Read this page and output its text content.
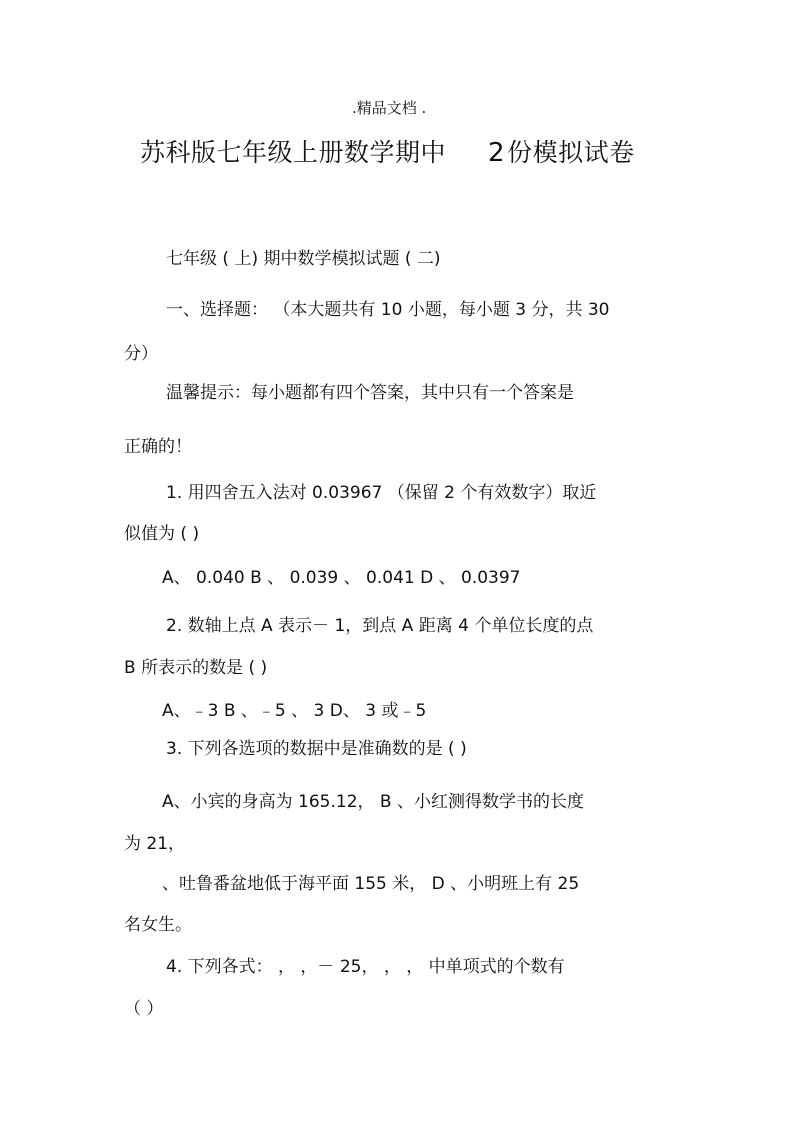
.精品文档 .
苏科版七年级上册数学期中 2份模拟试卷
七年级 ( 上) 期中数学模拟试题 ( 二)
一、选择题： （本大题共有 10 小题，每小题 3 分，共 30
分）
温馨提示：每小题都有四个答案，其中只有一个答案是
正确的！
1. 用四舍五入法对 0.03967 （保留 2 个有效数字）取近
似值为 ( )
A、 0.040 B 、 0.039 、 0.041 D 、 0.0397
2. 数轴上点 A 表示－ 1，到点 A 距离 4 个单位长度的点
B 所表示的数是 ( )
A、﹣3 B 、﹣5 、 3 D、 3 或﹣5
3. 下列各选项的数据中是准确数的是 ( )
A、小宾的身高为 165.12， B 、小红测得数学书的长度
为 21，
、吐鲁番盆地低于海平面 155 米， D 、小明班上有 25
名女生。
4. 下列各式： ， ，－ 25， ， ， 中单项式的个数有
（ ）
